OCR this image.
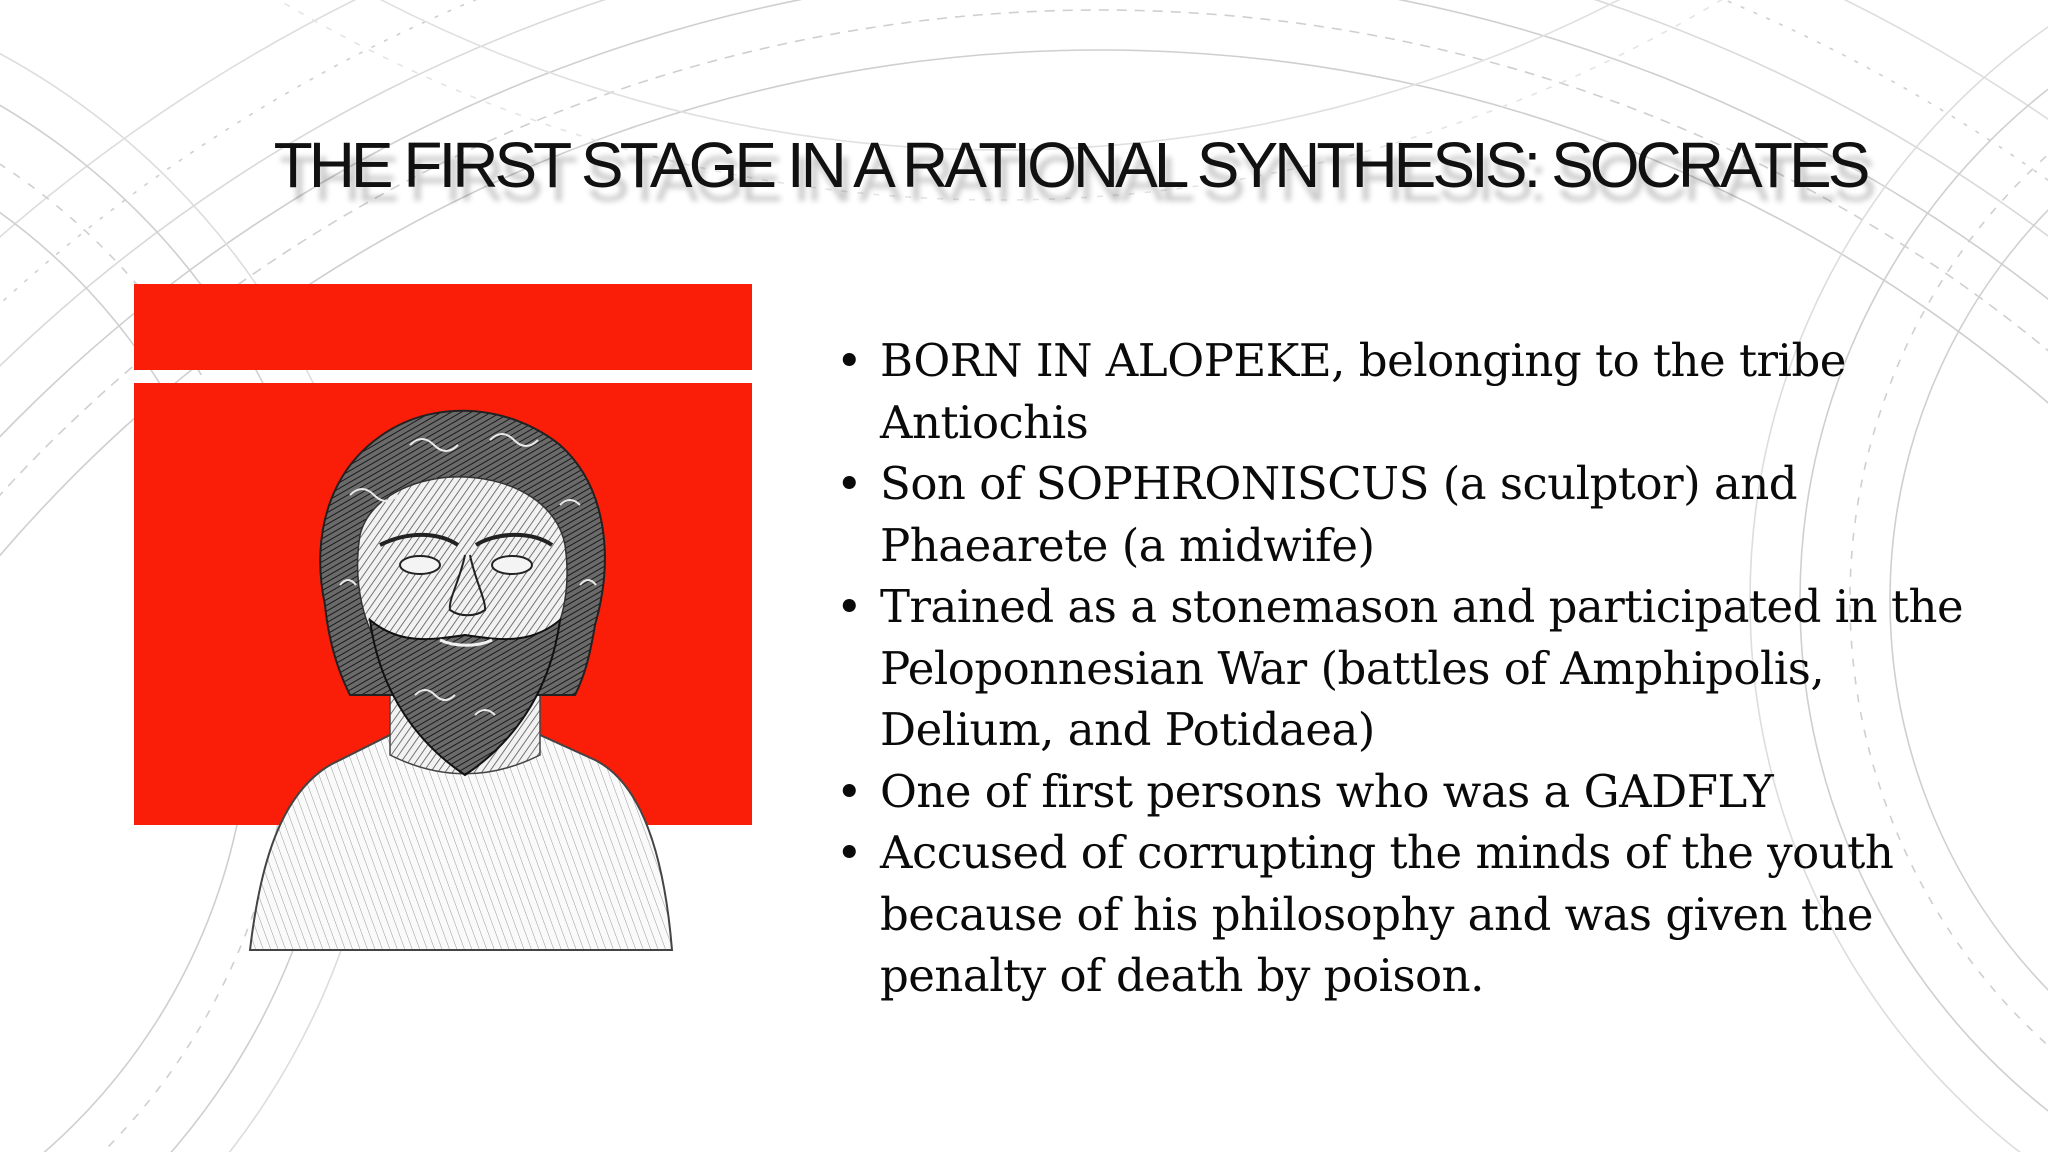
THE FIRST STAGE IN A RATIONAL SYNTHESIS: SOCRATES
• BORN IN ALOPEKE, belonging to the tribe Antiochis
• Son of SOPHRONISCUS (a sculptor) and Phaearete (a midwife)
• Trained as a stonemason and participated in the Peloponnesian War (battles of Amphipolis, Delium, and Potidaea)
• One of first persons who was a GADFLY
• Accused of corrupting the minds of the youth because of his philosophy and was given the penalty of death by poison.
